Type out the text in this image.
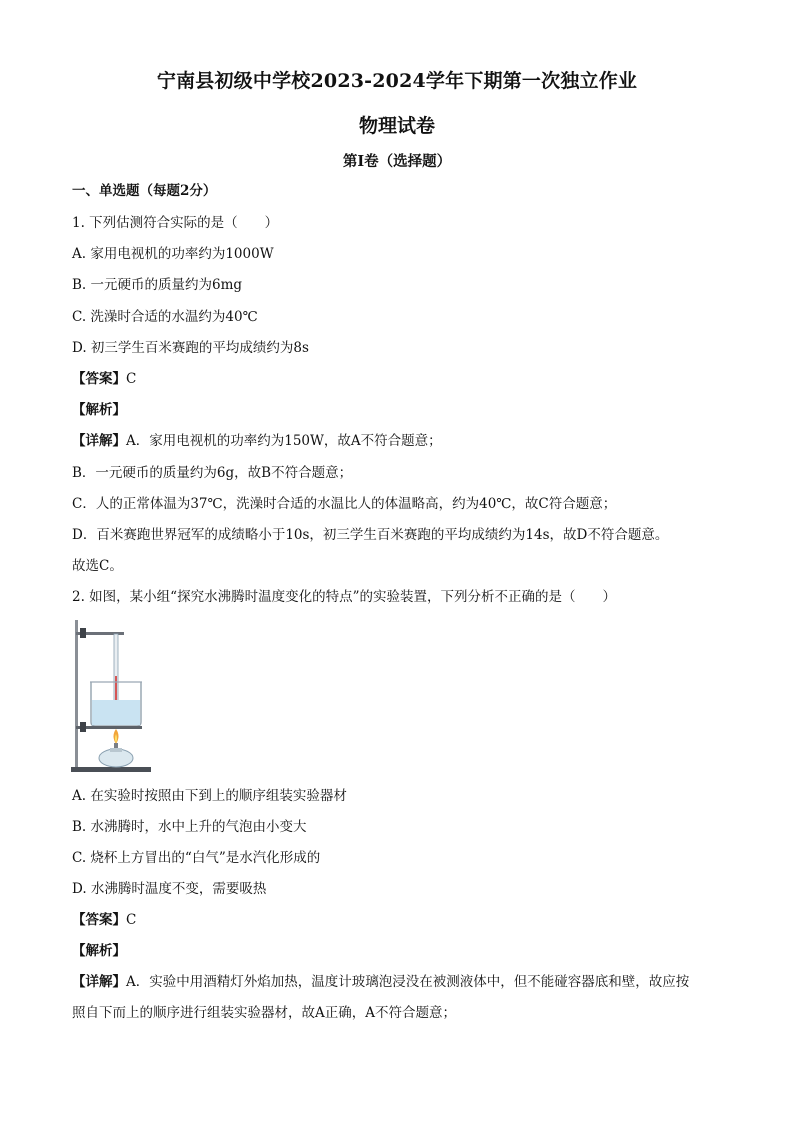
宁南县初级中学校2023-2024学年下期第一次独立作业
物理试卷
第I卷（选择题）
一、单选题（每题2分）
1. 下列估测符合实际的是（　　）
A. 家用电视机的功率约为1000W
B. 一元硬币的质量约为6mg
C. 洗澡时合适的水温约为40℃
D. 初三学生百米赛跑的平均成绩约为8s
【答案】C
【解析】
【详解】A．家用电视机的功率约为150W，故A不符合题意；
B．一元硬币的质量约为6g，故B不符合题意；
C．人的正常体温为37℃，洗澡时合适的水温比人的体温略高，约为40℃，故C符合题意；
D．百米赛跑世界冠军的成绩略小于10s，初三学生百米赛跑的平均成绩约为14s，故D不符合题意。
故选C。
2. 如图，某小组“探究水沸腾时温度变化的特点”的实验装置，下列分析不正确的是（　　）
A. 在实验时按照由下到上的顺序组装实验器材
B. 水沸腾时，水中上升的气泡由小变大
C. 烧杯上方冒出的“白气”是水汽化形成的
D. 水沸腾时温度不变，需要吸热
【答案】C
【解析】
【详解】A．实验中用酒精灯外焰加热，温度计玻璃泡浸没在被测液体中，但不能碰容器底和壁，故应按
照自下而上的顺序进行组装实验器材，故A正确，A不符合题意；
